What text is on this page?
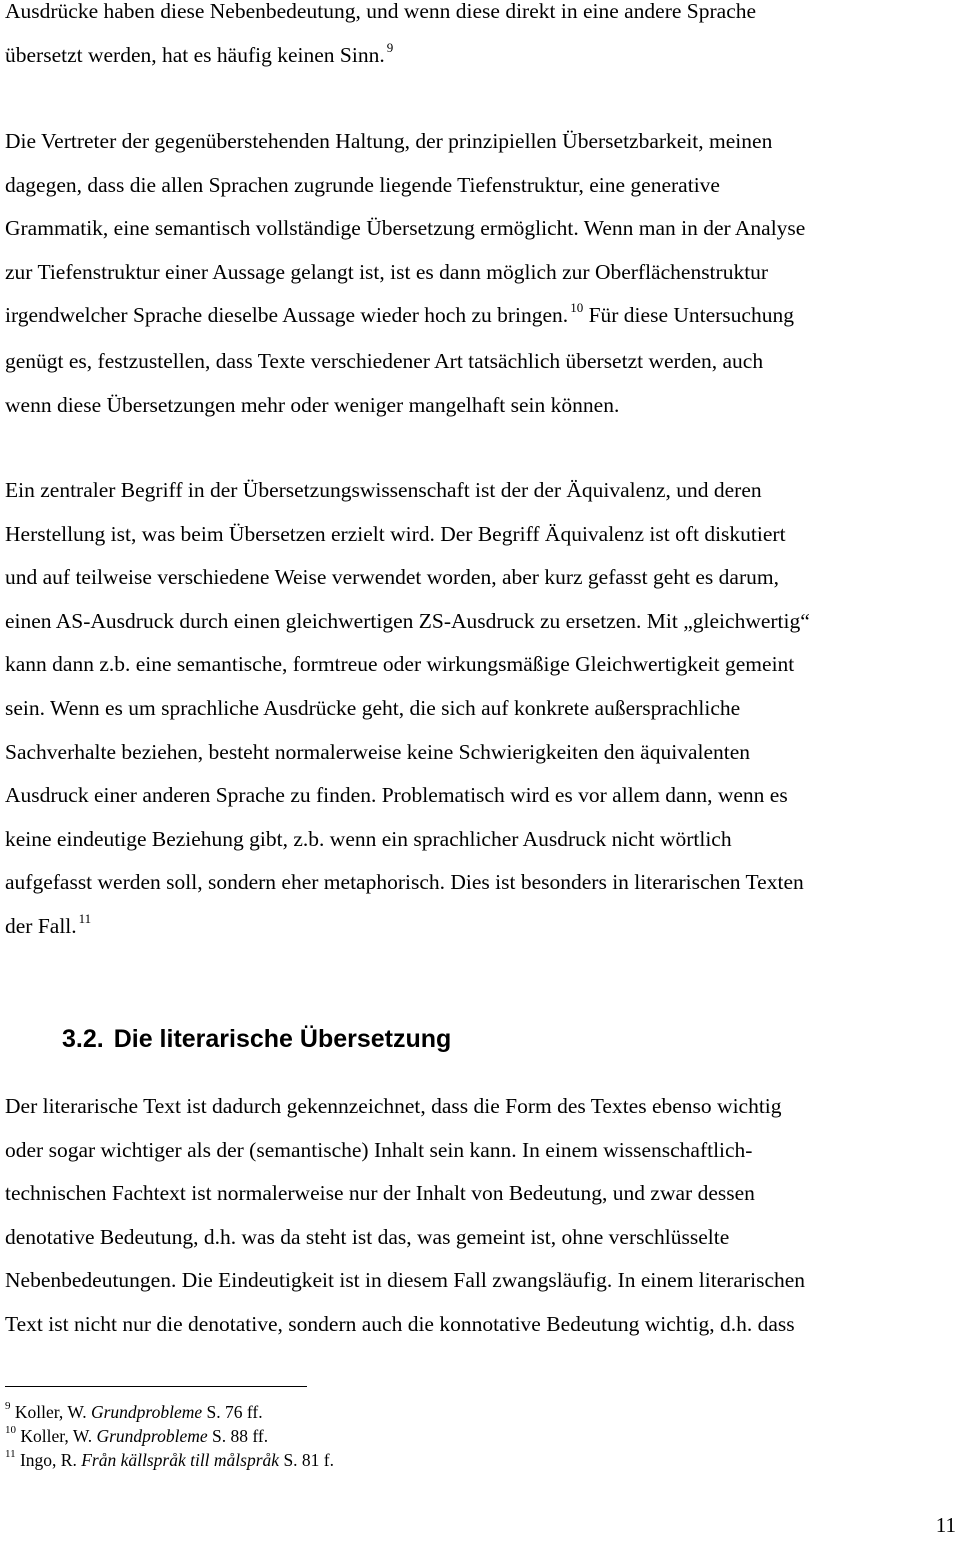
Ausdrücke haben diese Nebenbedeutung, und wenn diese direkt in eine andere Sprache
übersetzt werden, hat es häufig keinen Sinn. $^9$

Die Vertreter der gegenüberstehenden Haltung, der prinzipiellen Übersetzbarkeit, meinen
dagegen, dass die allen Sprachen zugrunde liegende Tiefenstruktur, eine generative
Grammatik, eine semantisch vollständige Übersetzung ermöglicht. Wenn man in der Analyse
zur Tiefenstruktur einer Aussage gelangt ist, ist es dann möglich zur Oberflächenstruktur
irgendwelcher Sprache dieselbe Aussage wieder hoch zu bringen. $^{10}$ Für diese Untersuchung
genügt es, festzustellen, dass Texte verschiedener Art tatsächlich übersetzt werden, auch
wenn diese Übersetzungen mehr oder weniger mangelhaft sein können.

Ein zentraler Begriff in der Übersetzungswissenschaft ist der der Äquivalenz, und deren
Herstellung ist, was beim Übersetzen erzielt wird. Der Begriff Äquivalenz ist oft diskutiert
und auf teilweise verschiedene Weise verwendet worden, aber kurz gefasst geht es darum,
einen AS-Ausdruck durch einen gleichwertigen ZS-Ausdruck zu ersetzen. Mit „gleichwertig“
kann dann z.b. eine semantische, formtreue oder wirkungsmäßige Gleichwertigkeit gemeint
sein. Wenn es um sprachliche Ausdrücke geht, die sich auf konkrete außersprachliche
Sachverhalte beziehen, besteht normalerweise keine Schwierigkeiten den äquivalenten
Ausdruck einer anderen Sprache zu finden. Problematisch wird es vor allem dann, wenn es
keine eindeutige Beziehung gibt, z.b. wenn ein sprachlicher Ausdruck nicht wörtlich
aufgefasst werden soll, sondern eher metaphorisch. Dies ist besonders in literarischen Texten
der Fall. $^{11}$

3.2. Die literarische Übersetzung

Der literarische Text ist dadurch gekennzeichnet, dass die Form des Textes ebenso wichtig
oder sogar wichtiger als der (semantische) Inhalt sein kann. In einem wissenschaftlich-
technischen Fachtext ist normalerweise nur der Inhalt von Bedeutung, und zwar dessen
denotative Bedeutung, d.h. was da steht ist das, was gemeint ist, ohne verschlüsselte
Nebenbedeutungen. Die Eindeutigkeit ist in diesem Fall zwangsläufig. In einem literarischen
Text ist nicht nur die denotative, sondern auch die konnotative Bedeutung wichtig, d.h. dass

$^9$ Koller, W. Grundprobleme S. 76 ff.
$^{10}$ Koller, W. Grundprobleme S. 88 ff.
$^{11}$ Ingo, R. Från källspråk till målspråk S. 81 f.
11
